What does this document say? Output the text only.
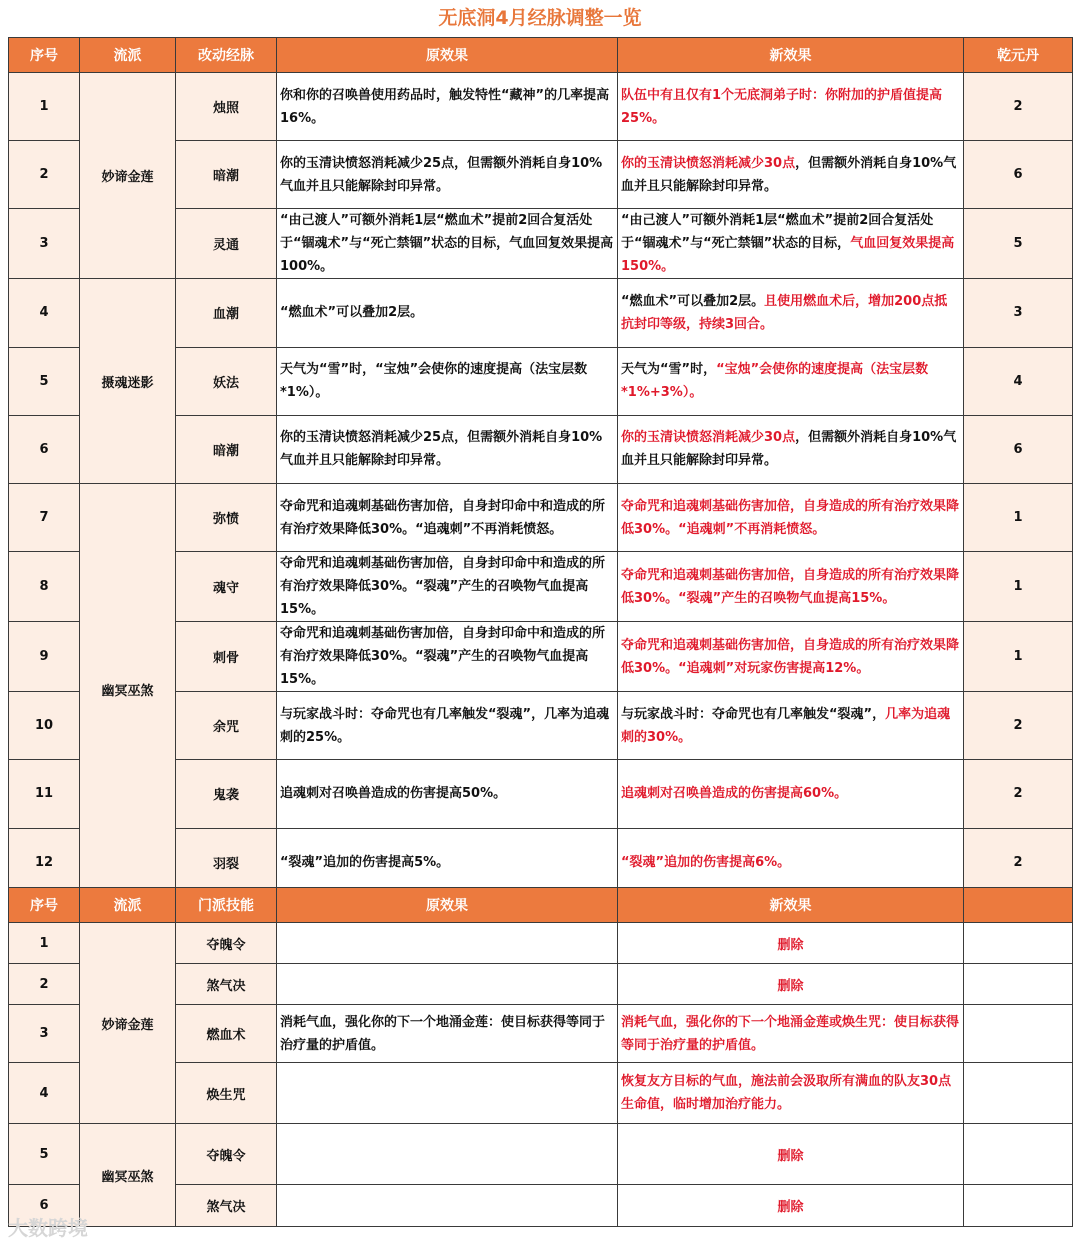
无底洞4月经脉调整一览
序号	流派	改动经脉	原效果	新效果	乾元丹
1	妙谛金莲	烛照	你和你的召唤兽使用药品时，触发特性“藏神”的几率提高16%。	队伍中有且仅有1个无底洞弟子时：你附加的护盾值提高25%。	2
2		暗潮	你的玉清诀愤怒消耗减少25点，但需额外消耗自身10%气血并且只能解除封印异常。	你的玉清诀愤怒消耗减少30点，但需额外消耗自身10%气血并且只能解除封印异常。	6
3		灵通	“由己渡人”可额外消耗1层“燃血术”提前2回合复活处于“锢魂术”与“死亡禁锢”状态的目标，气血回复效果提高100%。	“由己渡人”可额外消耗1层“燃血术”提前2回合复活处于“锢魂术”与“死亡禁锢”状态的目标，气血回复效果提高150%。	5
4	摄魂迷影	血潮	“燃血术”可以叠加2层。	“燃血术”可以叠加2层。且使用燃血术后，增加200点抵抗封印等级，持续3回合。	3
5		妖法	天气为“雪”时，“宝烛”会使你的速度提高（法宝层数*1%）。	天气为“雪”时，“宝烛”会使你的速度提高（法宝层数*1%+3%）。	4
6		暗潮	你的玉清诀愤怒消耗减少25点，但需额外消耗自身10%气血并且只能解除封印异常。	你的玉清诀愤怒消耗减少30点，但需额外消耗自身10%气血并且只能解除封印异常。	6
7	幽冥巫煞	弥愤	夺命咒和追魂刺基础伤害加倍，自身封印命中和造成的所有治疗效果降低30%。“追魂刺”不再消耗愤怒。	夺命咒和追魂刺基础伤害加倍，自身造成的所有治疗效果降低30%。“追魂刺”不再消耗愤怒。	1
8		魂守	夺命咒和追魂刺基础伤害加倍，自身封印命中和造成的所有治疗效果降低30%。“裂魂”产生的召唤物气血提高15%。	夺命咒和追魂刺基础伤害加倍，自身造成的所有治疗效果降低30%。“裂魂”产生的召唤物气血提高15%。	1
9		刺骨	夺命咒和追魂刺基础伤害加倍，自身封印命中和造成的所有治疗效果降低30%。“裂魂”产生的召唤物气血提高15%。	夺命咒和追魂刺基础伤害加倍，自身造成的所有治疗效果降低30%。“追魂刺”对玩家伤害提高12%。	1
10		余咒	与玩家战斗时：夺命咒也有几率触发“裂魂”，几率为追魂刺的25%。	与玩家战斗时：夺命咒也有几率触发“裂魂”，几率为追魂刺的30%。	2
11		鬼袭	追魂刺对召唤兽造成的伤害提高50%。	追魂刺对召唤兽造成的伤害提高60%。	2
12		羽裂	“裂魂”追加的伤害提高5%。	“裂魂”追加的伤害提高6%。	2
序号	流派	门派技能	原效果	新效果	
1	妙谛金莲	夺魄令		删除	
2		煞气决		删除	
3		燃血术	消耗气血，强化你的下一个地涌金莲：使目标获得等同于治疗量的护盾值。	消耗气血，强化你的下一个地涌金莲或焕生咒：使目标获得等同于治疗量的护盾值。	
4		焕生咒		恢复友方目标的气血，施法前会汲取所有满血的队友30点生命值，临时增加治疗能力。	
5	幽冥巫煞	夺魄令		删除	
6		煞气决		删除	
大数跨境
